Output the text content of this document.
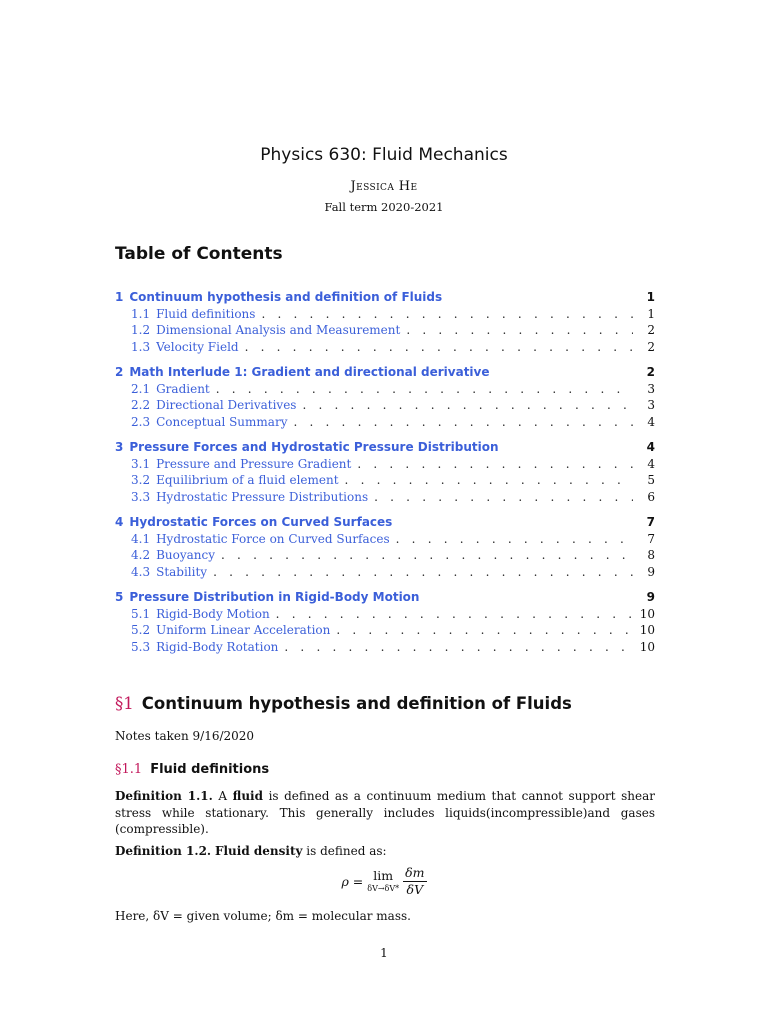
Physics 630: Fluid Mechanics
Jessica He
Fall term 2020-2021
Table of Contents
1 Continuum hypothesis and definition of Fluids	1
1.1 Fluid definitions . . .	1
1.2 Dimensional Analysis and Measurement . . .	2
1.3 Velocity Field . . .	2
2 Math Interlude 1: Gradient and directional derivative	2
2.1 Gradient . . .	3
2.2 Directional Derivatives . . .	3
2.3 Conceptual Summary . . .	4
3 Pressure Forces and Hydrostatic Pressure Distribution	4
3.1 Pressure and Pressure Gradient . . .	4
3.2 Equilibrium of a fluid element . . .	5
3.3 Hydrostatic Pressure Distributions . . .	6
4 Hydrostatic Forces on Curved Surfaces	7
4.1 Hydrostatic Force on Curved Surfaces . . .	7
4.2 Buoyancy . . .	8
4.3 Stability . . .	9
5 Pressure Distribution in Rigid-Body Motion	9
5.1 Rigid-Body Motion . . .	10
5.2 Uniform Linear Acceleration . . .	10
5.3 Rigid-Body Rotation . . .	10
§1 Continuum hypothesis and definition of Fluids
Notes taken 9/16/2020
§1.1 Fluid definitions
Definition 1.1. A fluid is defined as a continuum medium that cannot support shear stress while stationary. This generally includes liquids(incompressible)and gases (compressible).
Definition 1.2. Fluid density is defined as:
ρ = lim
$\delta V\to\delta V* \frac{\delta m}{\delta V}$
Here, δV = given volume; δm = molecular mass.
1
